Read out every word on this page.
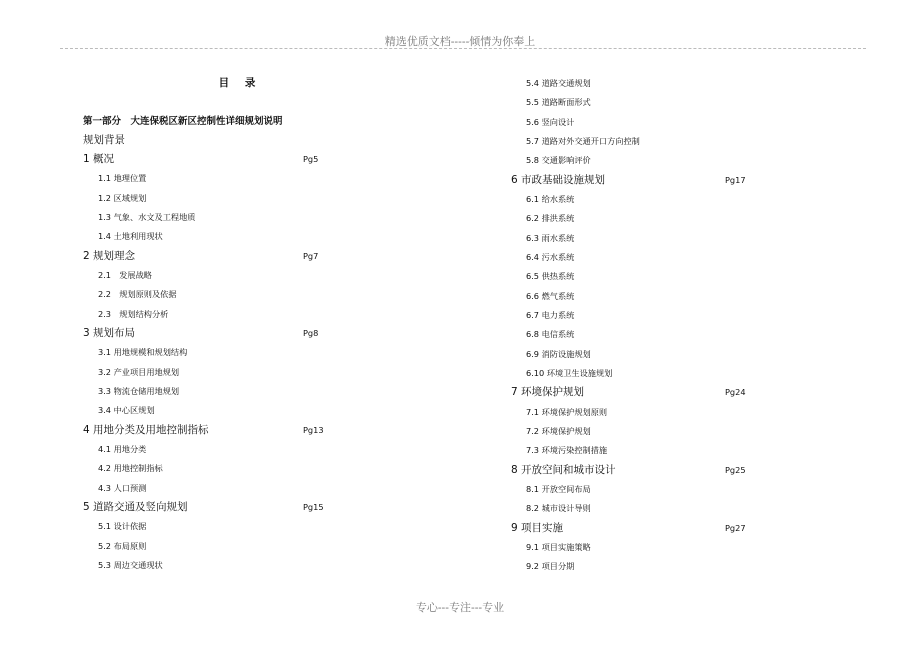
精选优质文档-----倾情为你奉上
目 录
第一部分　大连保税区新区控制性详细规划说明
规划背景
1 概况	Pg5
1.1 地理位置
1.2 区域规划
1.3 气象、水文及工程地质
1.4 土地利用现状
2 规划理念	Pg7
2.1　发展战略
2.2　规划原则及依据
2.3　规划结构分析
3 规划布局	Pg8
3.1 用地规模和规划结构
3.2 产业项目用地规划
3.3 物流仓储用地规划
3.4 中心区规划
4 用地分类及用地控制指标	Pg13
4.1 用地分类
4.2 用地控制指标
4.3 人口预测
5 道路交通及竖向规划	Pg15
5.1 设计依据
5.2 布局原则
5.3 周边交通现状
5.4 道路交通规划
5.5 道路断面形式
5.6 竖向设计
5.7 道路对外交通开口方向控制
5.8 交通影响评价
6 市政基础设施规划	Pg17
6.1 给水系统
6.2 排洪系统
6.3 雨水系统
6.4 污水系统
6.5 供热系统
6.6 燃气系统
6.7 电力系统
6.8 电信系统
6.9 消防设施规划
6.10 环境卫生设施规划
7 环境保护规划	Pg24
7.1 环境保护规划原则
7.2 环境保护规划
7.3 环境污染控制措施
8 开放空间和城市设计	Pg25
8.1 开放空间布局
8.2 城市设计导则
9 项目实施	Pg27
9.1 项目实施策略
9.2 项目分期
专心---专注---专业
